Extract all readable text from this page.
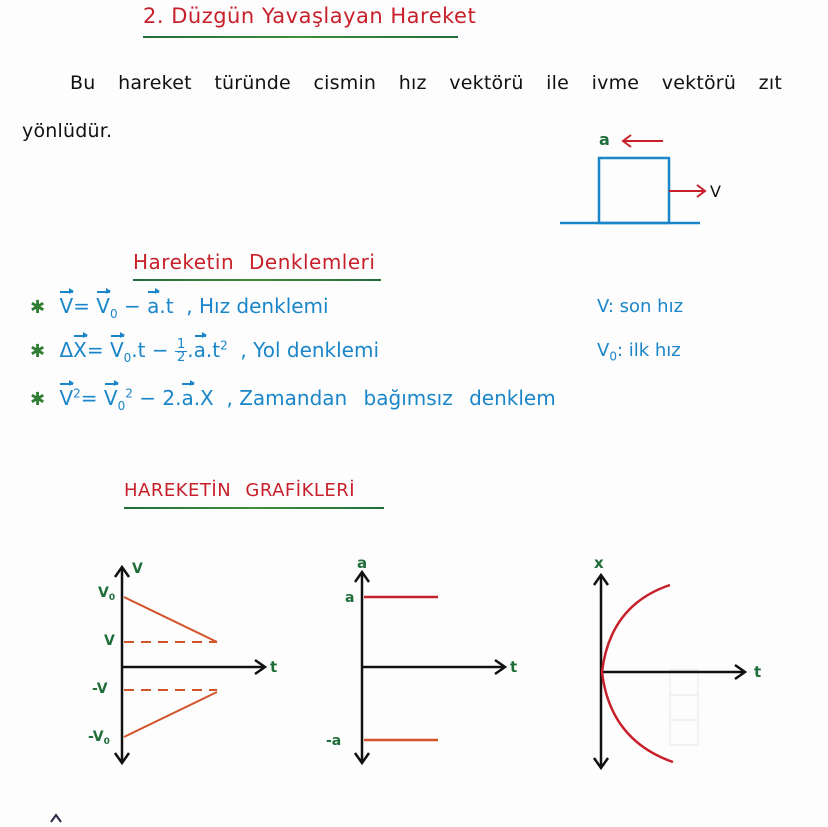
2. Düzgün Yavaşlayan Hareket
Bu hareket türünde cismin hız vektörü ile ivme vektörü zıt
yönlüdür.	a
V
Hareketin Denklemleri
✱ $V= V_0 - a.t$  , Hız denklemi
✱ $\Delta X= V_0.t - \frac{1}{2} .a.t^2$  , Yol denklemi
✱ $V^2= V_0^2 - 2.a.X$  , Zamandan bağımsız denklem
V: son hız
$V_0$: ilk hız
HAREKETİN GRAFİKLERİ
V
t
$V_0$
V
-V
$-V_0$
a
t
a
-a
x
t
